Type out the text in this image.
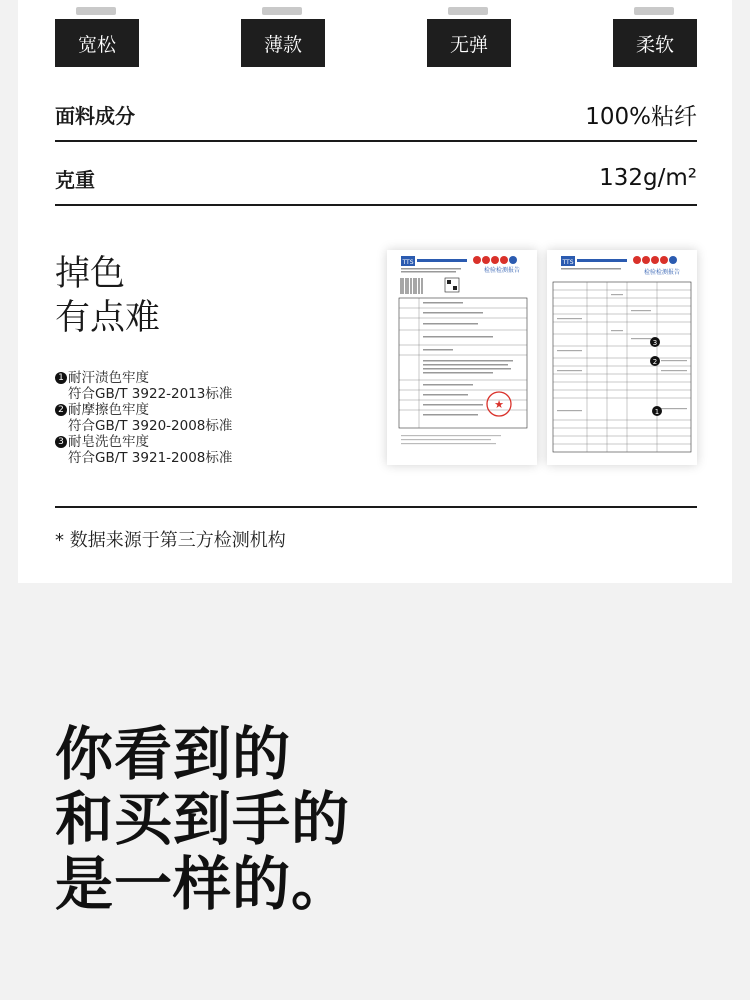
宽松	薄款	无弹	柔软
面料成分	100%粘纤
克重	132g/m²
掉色
有点难
1 耐汗渍色牢度
符合GB/T 3922-2013标准
2 耐摩擦色牢度
符合GB/T 3920-2008标准
3 耐皂洗色牢度
符合GB/T 3921-2008标准
TTS
检验检测报告
★
TTS
检验检测报告
3
2
1
* 数据来源于第三方检测机构
你看到的
和买到手的
是一样的。
